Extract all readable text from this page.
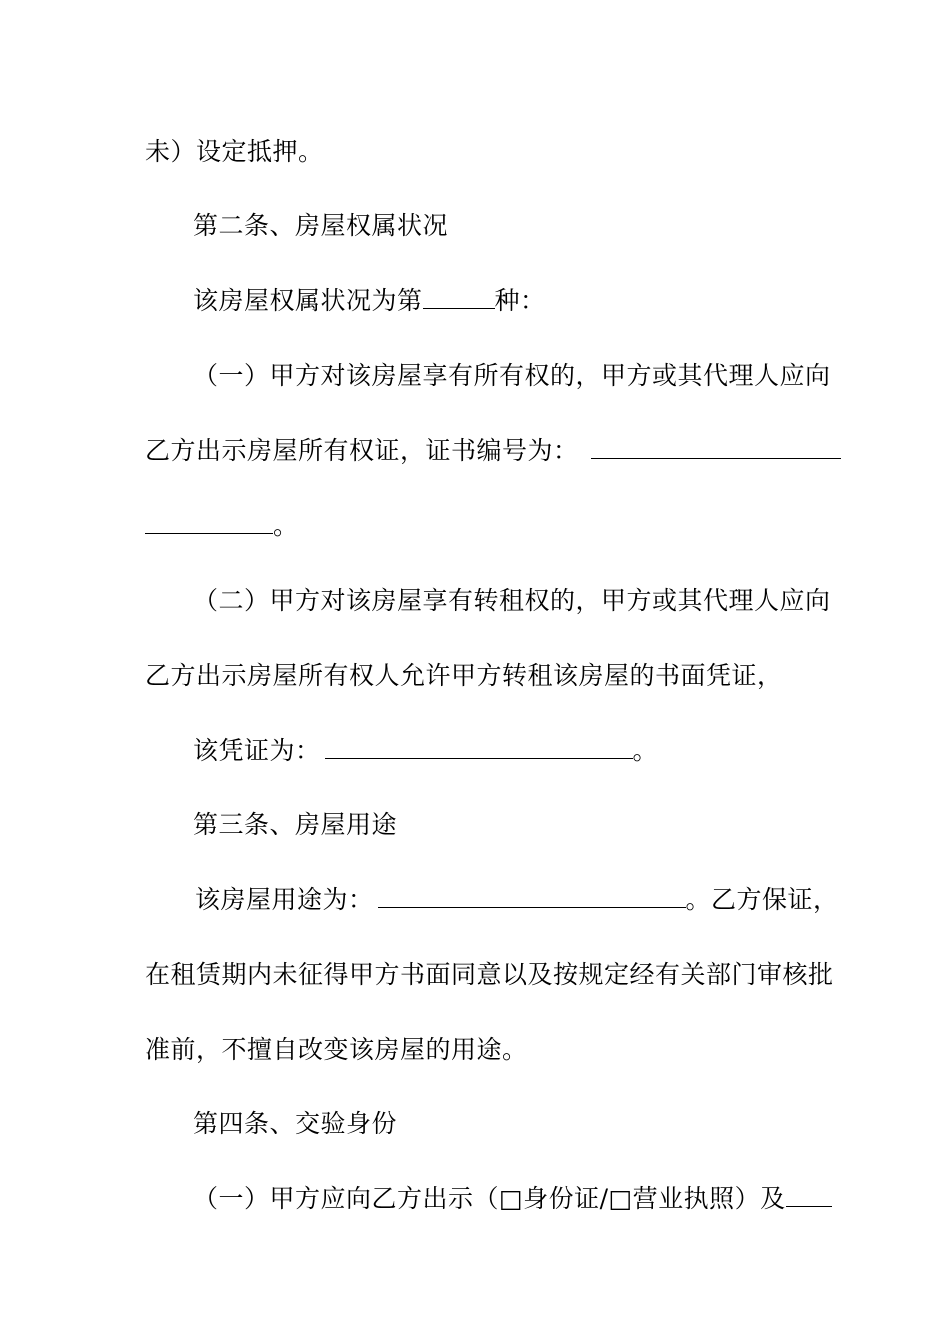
未）设定抵押。
第二条、房屋权属状况
该房屋权属状况为第	种：
（一）甲方对该房屋享有所有权的，甲方或其代理人应向
乙方出示房屋所有权证，证书编号为：
。
（二）甲方对该房屋享有转租权的，甲方或其代理人应向
乙方出示房屋所有权人允许甲方转租该房屋的书面凭证，
该凭证为：	。
第三条、房屋用途
该房屋用途为：	。乙方保证，
在租赁期内未征得甲方书面同意以及按规定经有关部门审核批
准前，不擅自改变该房屋的用途。
第四条、交验身份
（一）甲方应向乙方出示（□身份证/□营业执照）及
